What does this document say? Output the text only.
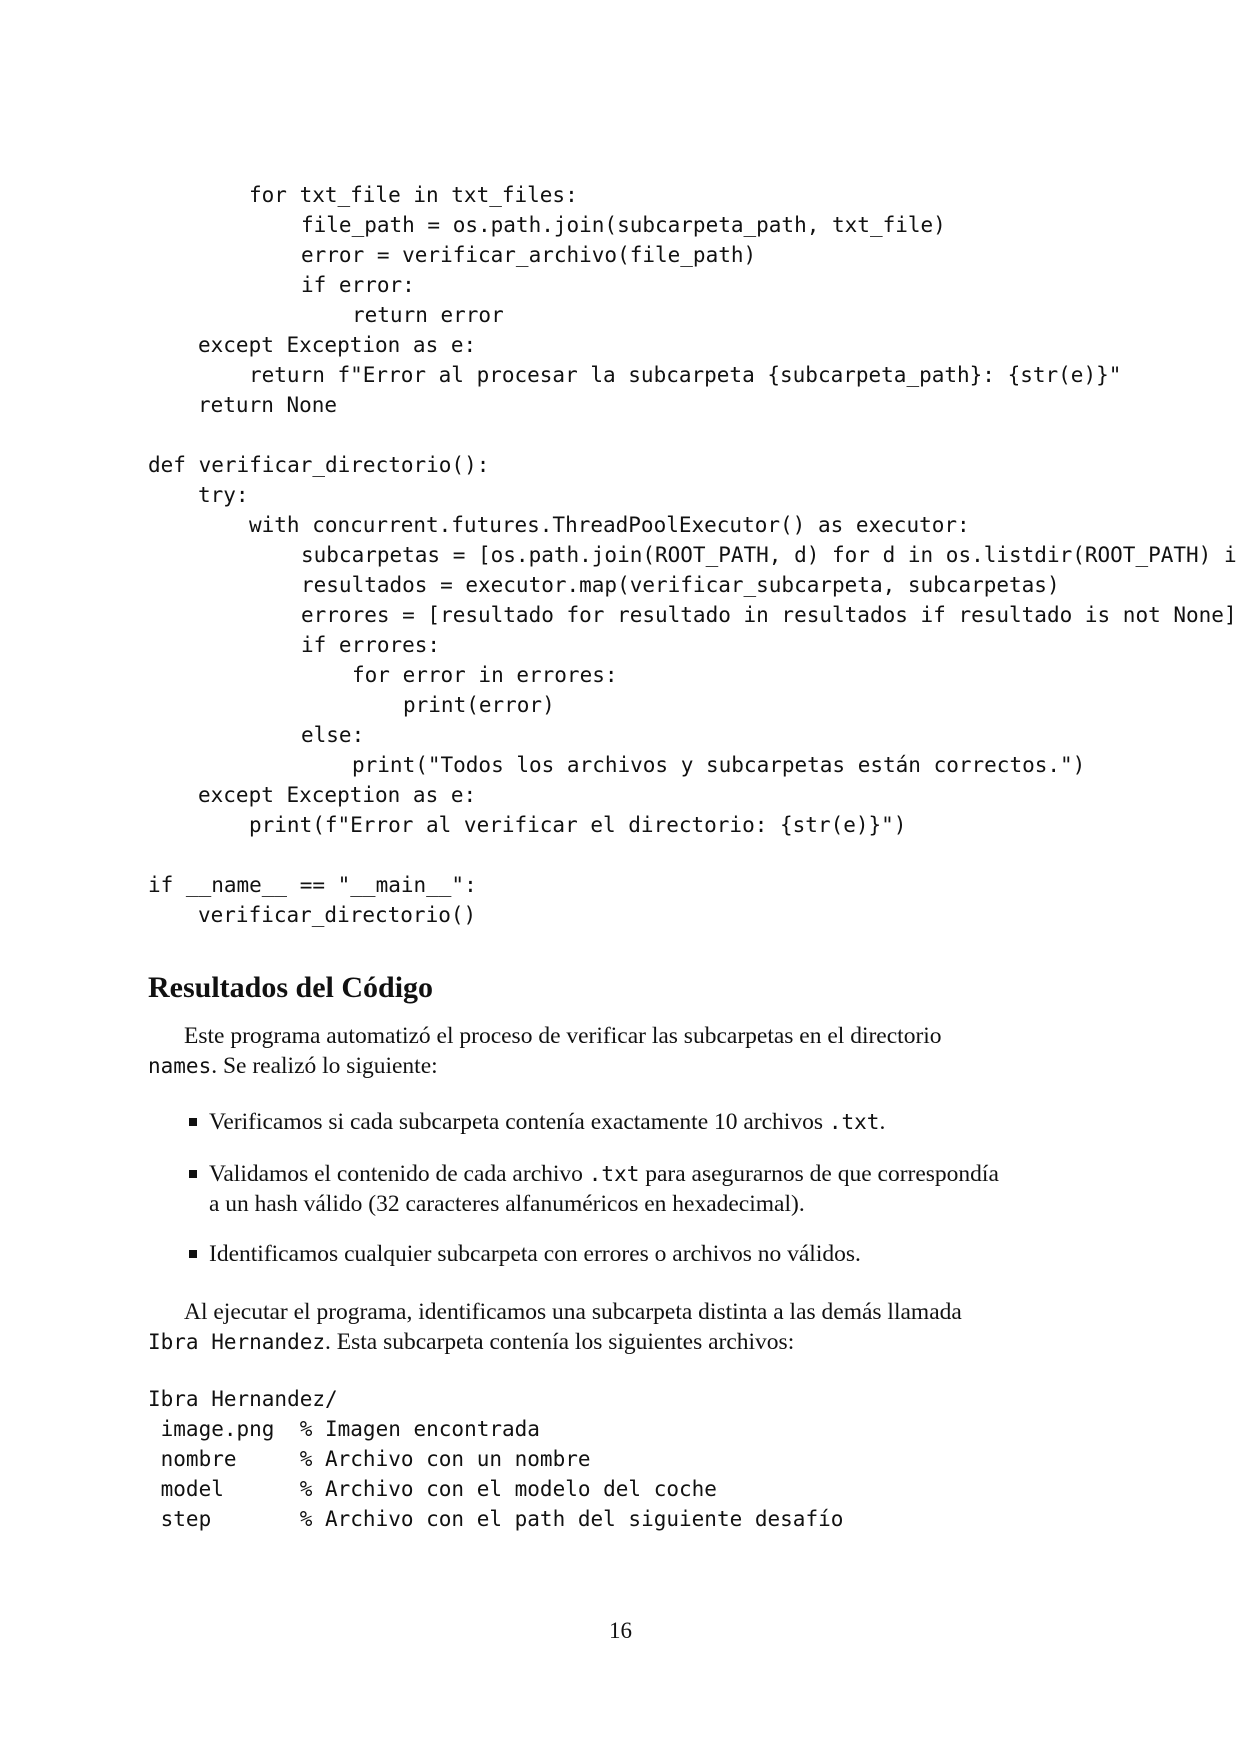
for txt_file in txt_files:
file_path = os.path.join(subcarpeta_path, txt_file)
error = verificar_archivo(file_path)
if error:
return error
except Exception as e:
return f"Error al procesar la subcarpeta {subcarpeta_path}: {str(e)}"
return None
def verificar_directorio():
try:
with concurrent.futures.ThreadPoolExecutor() as executor:
subcarpetas = [os.path.join(ROOT_PATH, d) for d in os.listdir(ROOT_PATH) i
resultados = executor.map(verificar_subcarpeta, subcarpetas)
errores = [resultado for resultado in resultados if resultado is not None]
if errores:
for error in errores:
print(error)
else:
print("Todos los archivos y subcarpetas están correctos.")
except Exception as e:
print(f"Error al verificar el directorio: {str(e)}")
if __name__ == "__main__":
verificar_directorio()
Resultados del Código

Este programa automatizó el proceso de verificar las subcarpetas en el directorio

names. Se realizó lo siguiente:

Verificamos si cada subcarpeta contenía exactamente 10 archivos .txt.

Validamos el contenido de cada archivo .txt para asegurarnos de que correspondía

a un hash válido (32 caracteres alfanuméricos en hexadecimal).

Identificamos cualquier subcarpeta con errores o archivos no válidos.

Al ejecutar el programa, identificamos una subcarpeta distinta a las demás llamada

Ibra Hernandez. Esta subcarpeta contenía los siguientes archivos:

Ibra Hernandez/
image.png  % Imagen encontrada
nombre     % Archivo con un nombre
model      % Archivo con el modelo del coche
step       % Archivo con el path del siguiente desafío
16
